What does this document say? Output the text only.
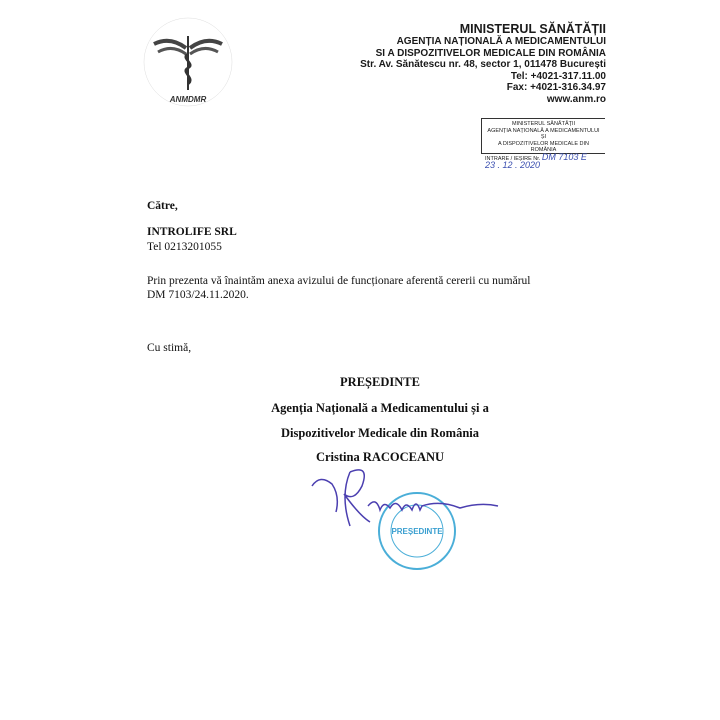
ANMDMR
MINISTERUL SĂNĂTĂȚII
AGENȚIA NAȚIONALĂ A MEDICAMENTULUI
SI A DISPOZITIVELOR MEDICALE DIN ROMÂNIA
Str. Av. Sănătescu nr. 48, sector 1, 011478 București
Tel: +4021-317.11.00
Fax: +4021-316.34.97
www.anm.ro
MINISTERUL SĂNĂTĂȚII
AGENȚIA NAȚIONALĂ A MEDICAMENTULUI ȘI
A DISPOZITIVELOR MEDICALE DIN ROMÂNIA
INTRARE / IEȘIRE Nr. DM 7103 E
23 . 12 . 2020
Către,
INTROLIFE SRL
Tel 0213201055
Prin prezenta vă înaintăm anexa avizului de funcționare aferentă cererii cu numărul
DM 7103/24.11.2020.
Cu stimă,
PREȘEDINTE
Agenția Națională a Medicamentului și a
Dispozitivelor Medicale din România
Cristina RACOCEANU
PREȘEDINTE
